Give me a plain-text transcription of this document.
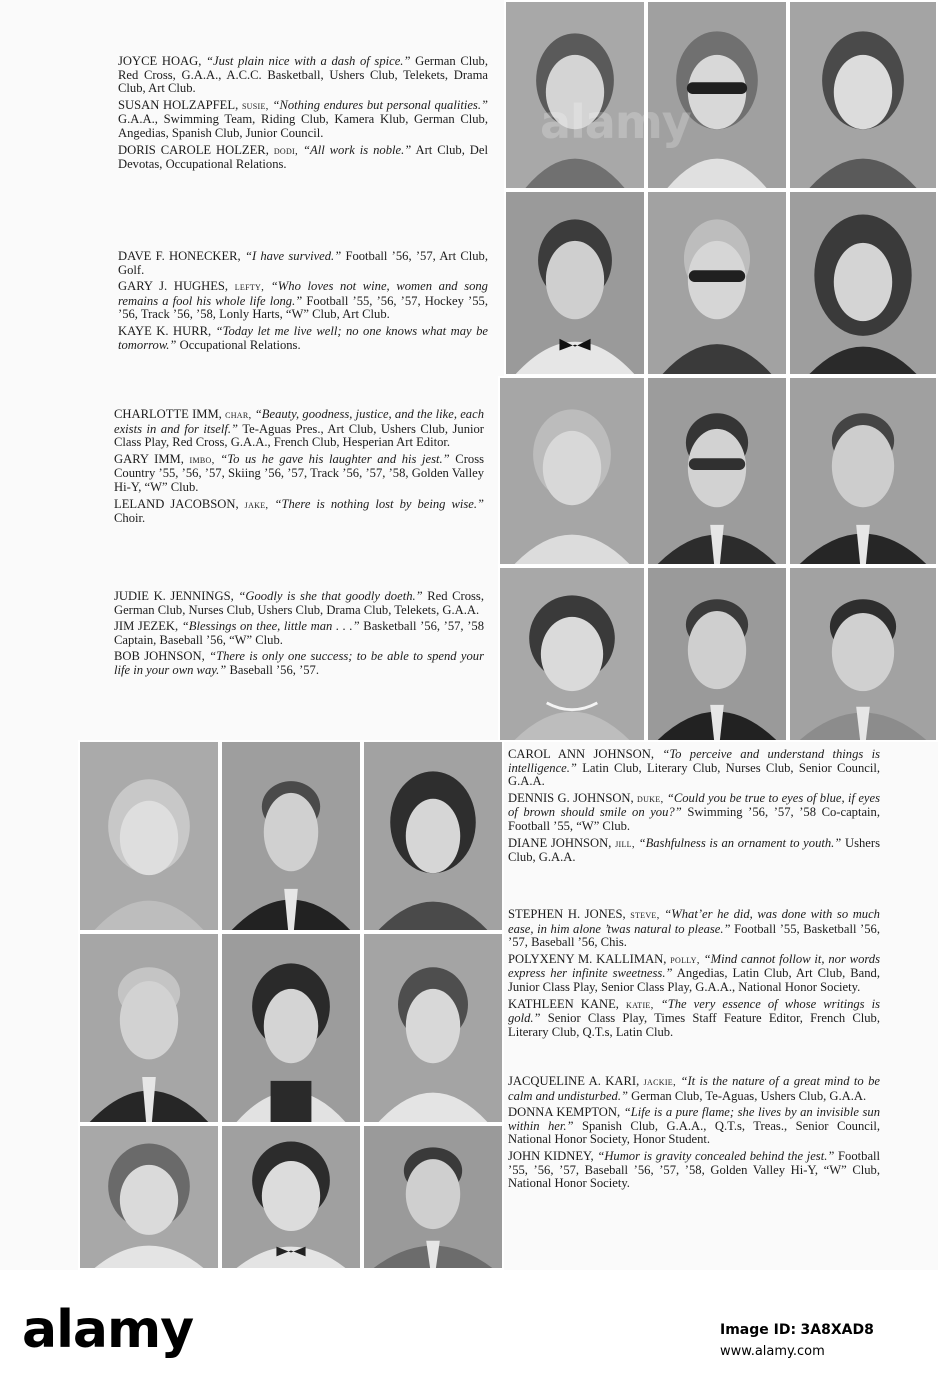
JOYCE HOAG, “Just plain nice with a dash of spice.” German Club, Red Cross, G.A.A., A.C.C. Basketball, Ushers Club, Telekets, Drama Club, Art Club.

SUSAN HOLZAPFEL, susie, “Nothing endures but personal qualities.” G.A.A., Swimming Team, Riding Club, Kamera Klub, German Club, Angedias, Spanish Club, Junior Council.

DORIS CAROLE HOLZER, dodi, “All work is noble.” Art Club, Del Devotas, Occupational Relations.

DAVE F. HONECKER, “I have survived.” Football ’56, ’57, Art Club, Golf.

GARY J. HUGHES, lefty, “Who loves not wine, women and song remains a fool his whole life long.” Football ’55, ’56, ’57, Hockey ’55, ’56, Track ’56, ’58, Lonly Harts, “W” Club, Art Club.

KAYE K. HURR, “Today let me live well; no one knows what may be tomorrow.” Occupational Relations.

CHARLOTTE IMM, char, “Beauty, goodness, justice, and the like, each exists in and for itself.” Te-Aguas Pres., Art Club, Ushers Club, Junior Class Play, Red Cross, G.A.A., French Club, Hesperian Art Editor.

GARY IMM, imbo, “To us he gave his laughter and his jest.” Cross Country ’55, ’56, ’57, Skiing ’56, ’57, Track ’56, ’57, ’58, Golden Valley Hi-Y, “W” Club.

LELAND JACOBSON, jake, “There is nothing lost by being wise.” Choir.

JUDIE K. JENNINGS, “Goodly is she that goodly doeth.” Red Cross, German Club, Nurses Club, Ushers Club, Drama Club, Telekets, G.A.A.

JIM JEZEK, “Blessings on thee, little man . . .” Basketball ’56, ’57, ’58 Captain, Baseball ’56, “W” Club.

BOB JOHNSON, “There is only one success; to be able to spend your life in your own way.” Baseball ’56, ’57.

CAROL ANN JOHNSON, “To perceive and understand things is intelligence.” Latin Club, Literary Club, Nurses Club, Senior Council, G.A.A.

DENNIS G. JOHNSON, duke, “Could you be true to eyes of blue, if eyes of brown should smile on you?” Swimming ’56, ’57, ’58 Co-captain, Football ’55, “W” Club.

DIANE JOHNSON, jill, “Bashfulness is an ornament to youth.” Ushers Club, G.A.A.

STEPHEN H. JONES, steve, “What’er he did, was done with so much ease, in him alone ’twas natural to please.” Football ’55, Basketball ’56, ’57, Baseball ’56, Chis.

POLYXENY M. KALLIMAN, polly, “Mind cannot follow it, nor words express her infinite sweetness.” Angedias, Latin Club, Art Club, Band, Junior Class Play, Senior Class Play, G.A.A., National Honor Society.

KATHLEEN KANE, katie, “The very essence of whose writings is gold.” Senior Class Play, Times Staff Feature Editor, French Club, Literary Club, Q.T.s, Latin Club.

JACQUELINE A. KARI, jackie, “It is the nature of a great mind to be calm and undisturbed.” German Club, Te-Aguas, Ushers Club, G.A.A.

DONNA KEMPTON, “Life is a pure flame; she lives by an invisible sun within her.” Spanish Club, G.A.A., Q.T.s, Treas., Senior Council, National Honor Society, Honor Student.

JOHN KIDNEY, “Humor is gravity concealed behind the jest.” Football ’55, ’56, ’57, Baseball ’56, ’57, ’58, Golden Valley Hi-Y, “W” Club, National Honor Society.

alamy
alamy	Image ID: 3A8XAD8
www.alamy.com
